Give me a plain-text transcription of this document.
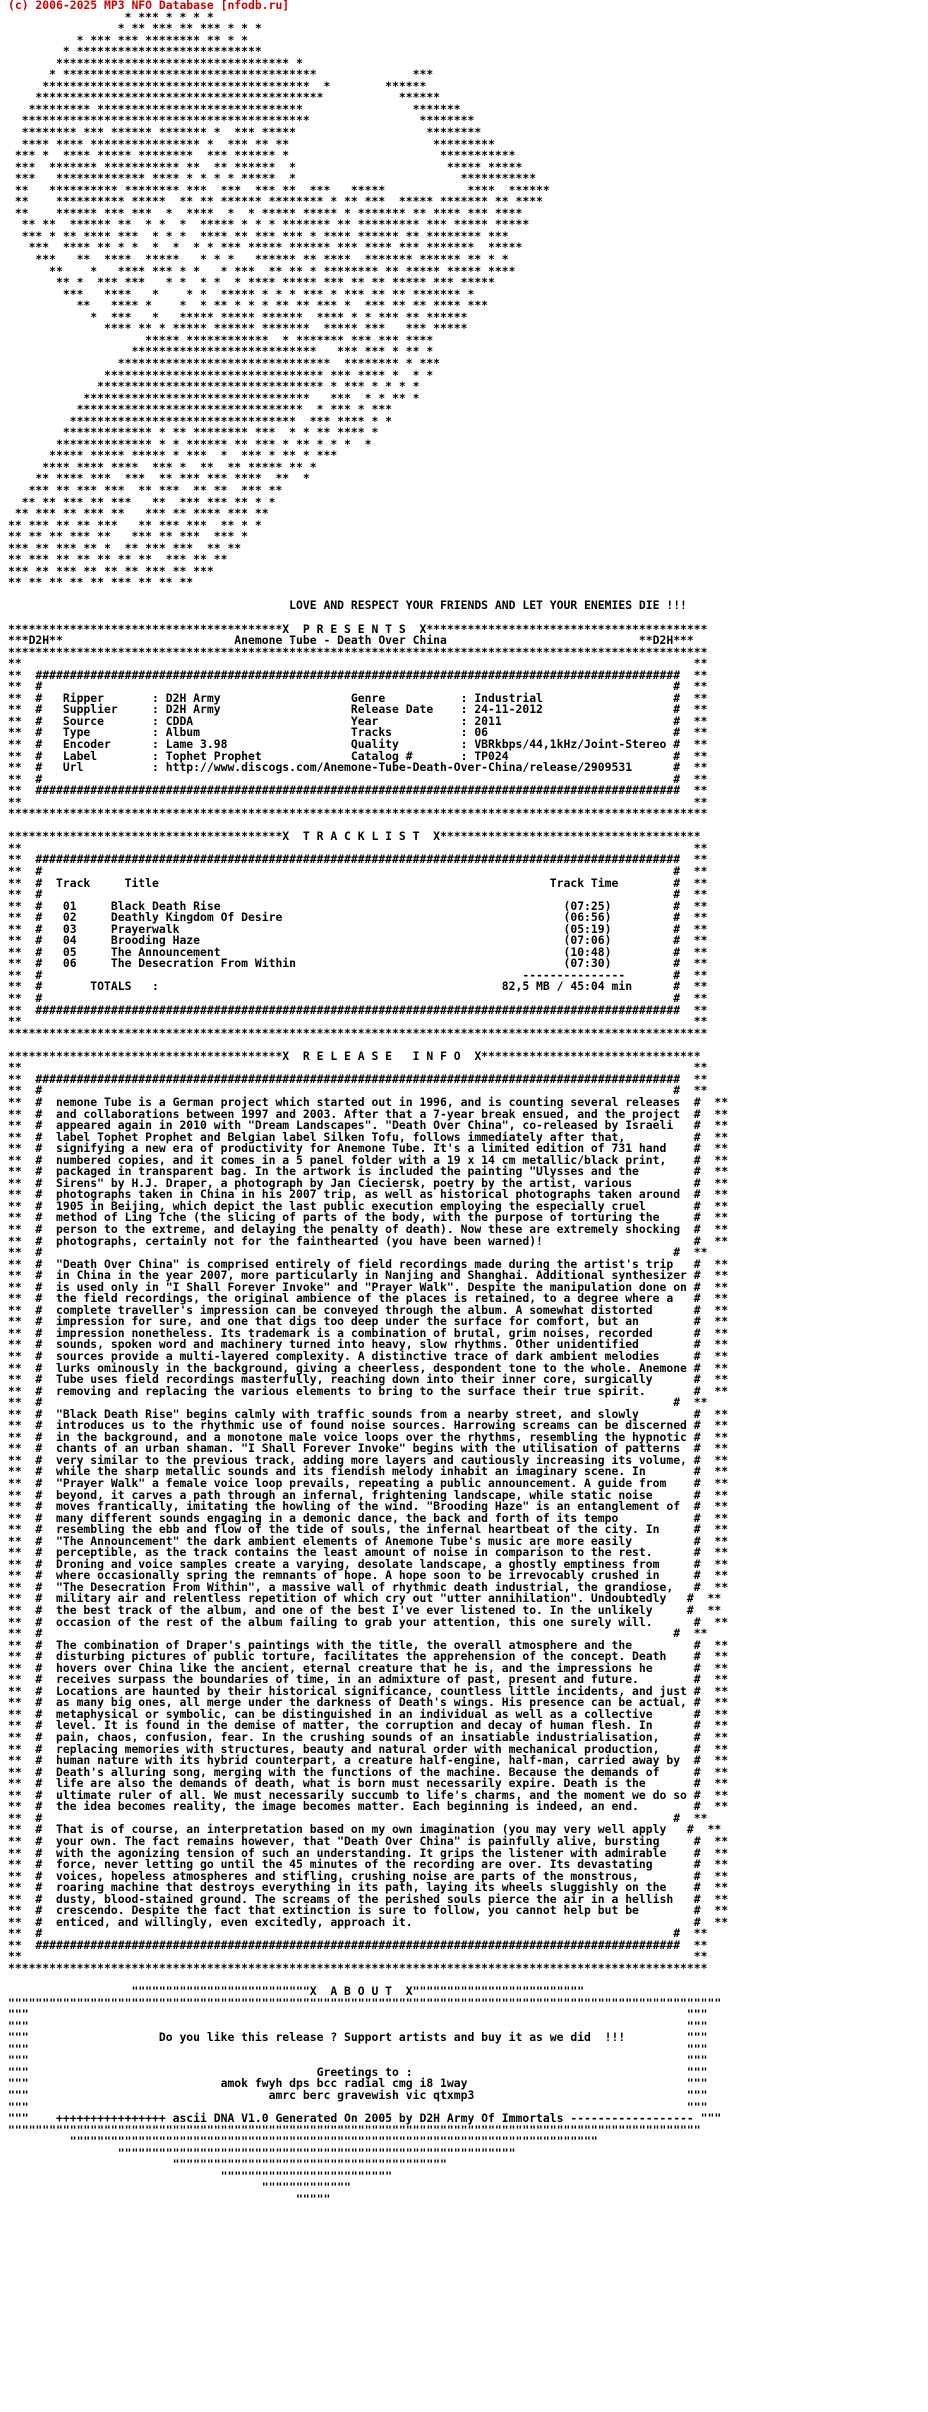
(c) 2006-2025 MP3 NFO Database [nfodb.ru]
* *** * * * *
* ** *** ** *** * * *
* *** *** ******** ** * *
* ***************************
********************************** *
* *************************************              ***
***************************************  *        ******
******************************************           ******
********* ******************************                *******
******************************************                ********
******** *** ****** ******* *  *** *****                   ********
**** **** **************** *  *** ** **                     *********
*** *  **** ***** ********  *** ****** *                      ***********
***  ******* *********** **  ** ******  *                      ***** *****
***   ************* **** * * * * *****  *                        ***********
**   ********** ******** ***  ***  *** **  ***   *****            ****  ******
**    ********** *****  ** ** ****** ******** * ** ***  ***** ******* ** ****
**    ****** *** ***  *  ****  *  * ***** ***** * ******* ** **** *** ****
** **  ****** **  * *  *  ***** * * * ******* ** ********* *** ***** *****
*** * ** **** ***  * * *  **** ** *** *** * **** ****** ** ******** ***
***  **** ** * *  *  *  * * *** ***** ****** *** **** *** *******  *****
***   **  ****  *****   * * *   ****** ** ****  ******* ****** ** * *
**    *   **** *** * *   * ***  ** ** * ******** ** ***** ***** ****
** *  *** ***   * *  * *  * **** ***** *** ** ** ***** *** *****
***   ****   *    * *  ***** * * * *** * *** ** ** ******* *
**   **** *    *  * ** * * * ** ** *** *  *** ** ** **** ***
*  ***   *   ***** ***** ******  **** * * *** ** ******
**** ** * ***** ****** *******  ***** ***   *** *****
***** ************  * ******* *** *** ****
***************************   *** *** * ** *
*******************************  ******** * ***
******************************** *** **** *  * *
********************************* * *** * * * *
*********************************   ***  * * ** *
*********************************  * *** * ***
*********************************  *** **** * *
************* * ** ******** ***  * * ** **** *
************** * * ****** ** *** * ** * * *  *
***** ***** ***** * ***  *  *** * ** * ***
**** **** ****  *** *  **  ** ***** ** *
** **** ***  ***  ** *** *** ****  **  *
*** ** *** ***  ** ***  ** **  *** **
** ** *** ** ***   **  *** *** ** * *
** *** ** *** **   *** ** **** *** **
** *** ** ** ***   ** *** ***  ** * *
** ** ** *** **   *** ** ***  *** *
*** ** *** ** *  ** *** ***  ** **
** *** ** ** ** ** **  *** ** **
*** ** *** ** ** ** *** ** ***
** ** ** ** ** *** ** ** **

LOVE AND RESPECT YOUR FRIENDS AND LET YOUR ENEMIES DIE !!!

****************************************X  P R E S E N T S  X*****************************************
***D2H**                         Anemone Tube - Death Over China                            **D2H***
******************************************************************************************************
**                                                                                                  **
**  ##############################################################################################  **
**  #                                                                                            #  **
**  #   Ripper       : D2H Army                   Genre           : Industrial                   #  **
**  #   Supplier     : D2H Army                   Release Date    : 24-11-2012                   #  **
**  #   Source       : CDDA                       Year            : 2011                         #  **
**  #   Type         : Album                      Tracks          : 06                           #  **
**  #   Encoder      : Lame 3.98                  Quality         : VBRkbps/44,1kHz/Joint-Stereo #  **
**  #   Label        : Tophet Prophet             Catalog #       : TP024                        #  **
**  #   Url          : http://www.discogs.com/Anemone-Tube-Death-Over-China/release/2909531      #  **
**  #                                                                                            #  **
**  ##############################################################################################  **
**                                                                                                  **
******************************************************************************************************

****************************************X  T R A C K L I S T  X**************************************
**                                                                                                  **
**  ##############################################################################################  **
**  #                                                                                            #  **
**  #  Track     Title                                                         Track Time        #  **
**  #                                                                                            #  **
**  #   01     Black Death Rise                                                  (07:25)         #  **
**  #   02     Deathly Kingdom Of Desire                                         (06:56)         #  **
**  #   03     Prayerwalk                                                        (05:19)         #  **
**  #   04     Brooding Haze                                                     (07:06)         #  **
**  #   05     The Announcement                                                  (10:48)         #  **
**  #   06     The Desecration From Within                                       (07:30)         #  **
**  #                                                                      ---------------       #  **
**  #       TOTALS   :                                                  82,5 MB / 45:04 min      #  **
**  #                                                                                            #  **
**  ##############################################################################################  **
**                                                                                                  **
******************************************************************************************************

****************************************X  R E L E A S E   I N F O  X********************************
**                                                                                                  **
**  ##############################################################################################  **
**  #                                                                                            #  **
**  #  nemone Tube is a German project which started out in 1996, and is counting several releases  #  **
**  #  and collaborations between 1997 and 2003. After that a 7-year break ensued, and the project  #  **
**  #  appeared again in 2010 with "Dream Landscapes". "Death Over China", co-released by Israeli   #  **
**  #  label Tophet Prophet and Belgian label Silken Tofu, follows immediately after that,          #  **
**  #  signifying a new era of productivity for Anemone Tube. It's a limited edition of 731 hand    #  **
**  #  numbered copies, and it comes in a 5 panel folder with a 19 x 14 cm metallic/black print,    #  **
**  #  packaged in transparent bag. In the artwork is included the painting "Ulysses and the        #  **
**  #  Sirens" by H.J. Draper, a photograph by Jan Cieciersk, poetry by the artist, various         #  **
**  #  photographs taken in China in his 2007 trip, as well as historical photographs taken around  #  **
**  #  1905 in Beijing, which depict the last public execution employing the especially cruel       #  **
**  #  method of Ling Tche (the slicing of parts of the body, with the purpose of torturing the     #  **
**  #  person to the extreme, and delaying the penalty of death). Now these are extremely shocking  #  **
**  #  photographs, certainly not for the fainthearted (you have been warned)!                      #  **
**  #                                                                                            #  **
**  #  "Death Over China" is comprised entirely of field recordings made during the artist's trip   #  **
**  #  in China in the year 2007, more particularly in Nanjing and Shanghai. Additional synthesizer #  **
**  #  is used only in "I Shall Forever Invoke" and "Prayer Walk". Despite the manipulation done on #  **
**  #  the field recordings, the original ambience of the places is retained, to a degree where a   #  **
**  #  complete traveller's impression can be conveyed through the album. A somewhat distorted      #  **
**  #  impression for sure, and one that digs too deep under the surface for comfort, but an        #  **
**  #  impression nonetheless. Its trademark is a combination of brutal, grim noises, recorded      #  **
**  #  sounds, spoken word and machinery turned into heavy, slow rhythms. Other unidentified        #  **
**  #  sources provide a multi-layered complexity. A distinctive trace of dark ambient melodies     #  **
**  #  lurks ominously in the background, giving a cheerless, despondent tone to the whole. Anemone #  **
**  #  Tube uses field recordings masterfully, reaching down into their inner core, surgically      #  **
**  #  removing and replacing the various elements to bring to the surface their true spirit.       #  **
**  #                                                                                            #  **
**  #  "Black Death Rise" begins calmly with traffic sounds from a nearby street, and slowly        #  **
**  #  introduces us to the rhythmic use of found noise sources. Harrowing screams can be discerned #  **
**  #  in the background, and a monotone male voice loops over the rhythms, resembling the hypnotic #  **
**  #  chants of an urban shaman. "I Shall Forever Invoke" begins with the utilisation of patterns  #  **
**  #  very similar to the previous track, adding more layers and cautiously increasing its volume, #  **
**  #  while the sharp metallic sounds and its fiendish melody inhabit an imaginary scene. In       #  **
**  #  "Prayer Walk" a female voice loop prevails, repeating a public announcement. A guide from    #  **
**  #  beyond, it carves a path through an infernal, frightening landscape, while static noise      #  **
**  #  moves frantically, imitating the howling of the wind. "Brooding Haze" is an entanglement of  #  **
**  #  many different sounds engaging in a demonic dance, the back and forth of its tempo           #  **
**  #  resembling the ebb and flow of the tide of souls, the infernal heartbeat of the city. In     #  **
**  #  "The Announcement" the dark ambient elements of Anemone Tube's music are more easily         #  **
**  #  perceptible, as the track contains the least amount of noise in comparison to the rest.      #  **
**  #  Droning and voice samples create a varying, desolate landscape, a ghostly emptiness from     #  **
**  #  where occasionally spring the remnants of hope. A hope soon to be irrevocably crushed in     #  **
**  #  "The Desecration From Within", a massive wall of rhythmic death industrial, the grandiose,   #  **
**  #  military air and relentless repetition of which cry out "utter annihilation". Undoubtedly   #  **
**  #  the best track of the album, and one of the best I've ever listened to. In the unlikely     #  **
**  #  occasion of the rest of the album failing to grab your attention, this one surely will.      #  **
**  #                                                                                            #  **
**  #  The combination of Draper's paintings with the title, the overall atmosphere and the         #  **
**  #  disturbing pictures of public torture, facilitates the apprehension of the concept. Death    #  **
**  #  hovers over China like the ancient, eternal creature that he is, and the impressions he      #  **
**  #  receives surpass the boundaries of time, in an admixture of past, present and future.        #  **
**  #  Locations are haunted by their historical significance, countless little incidents, and just #  **
**  #  as many big ones, all merge under the darkness of Death's wings. His presence can be actual, #  **
**  #  metaphysical or symbolic, can be distinguished in an individual as well as a collective      #  **
**  #  level. It is found in the demise of matter, the corruption and decay of human flesh. In      #  **
**  #  pain, chaos, confusion, fear. In the crushing sounds of an insatiable industrialisation,     #  **
**  #  replacing memories with structures, beauty and natural order with mechanical production,     #  **
**  #  human nature with its hybrid counterpart, a creature half-engine, half-man, carried away by  #  **
**  #  Death's alluring song, merging with the functions of the machine. Because the demands of     #  **
**  #  life are also the demands of death, what is born must necessarily expire. Death is the       #  **
**  #  ultimate ruler of all. We must necessarily succumb to life's charms, and the moment we do so #  **
**  #  the idea becomes reality, the image becomes matter. Each beginning is indeed, an end.        #  **
**  #                                                                                            #  **
**  #  That is of course, an interpretation based on my own imagination (you may very well apply   #  **
**  #  your own. The fact remains however, that "Death Over China" is painfully alive, bursting     #  **
**  #  with the agonizing tension of such an understanding. It grips the listener with admirable    #  **
**  #  force, never letting go until the 45 minutes of the recording are over. Its devastating      #  **
**  #  voices, hopeless atmospheres and stifling, crushing noise are parts of the monstrous,        #  **
**  #  roaring machine that destroys everything in its path, laying its wheels sluggishly on the    #  **
**  #  dusty, blood-stained ground. The screams of the perished souls pierce the air in a hellish   #  **
**  #  crescendo. Despite the fact that extinction is sure to follow, you cannot help but be        #  **
**  #  enticed, and willingly, even excitedly, approach it.                                         #  **
**  #                                                                                            #  **
**  ##############################################################################################  **
**                                                                                                  **
******************************************************************************************************

""""""""""""""""""""""""""X  A B O U T  X"""""""""""""""""""""""""
""""""""""""""""""""""""""""""""""""""""""""""""""""""""""""""""""""""""""""""""""""""""""""""""""""""""
"""                                                                                                """
"""                                                                                                """
"""                   Do you like this release ? Support artists and buy it as we did  !!!         """
"""                                                                                                """
"""                                                                                                """
"""                                          Greetings to :                                        """
"""                            amok fwyh dps bcc radial cmg i8 1way                                """
"""                                   amrc berc gravewish vic qtxmp3                               """
"""                                                                                                """
"""    ++++++++++++++++ ascii DNA V1.0 Generated On 2005 by D2H Army Of Immortals ------------------ """
"""""""""""""""""""""""""""""""""""""""""""""""""""""""""""""""""""""""""""""""""""""""""""""""""""""
"""""""""""""""""""""""""""""""""""""""""""""""""""""""""""""""""""""""""""""
""""""""""""""""""""""""""""""""""""""""""""""""""""""""""
""""""""""""""""""""""""""""""""""""""""
"""""""""""""""""""""""""
"""""""""""""
"""""
